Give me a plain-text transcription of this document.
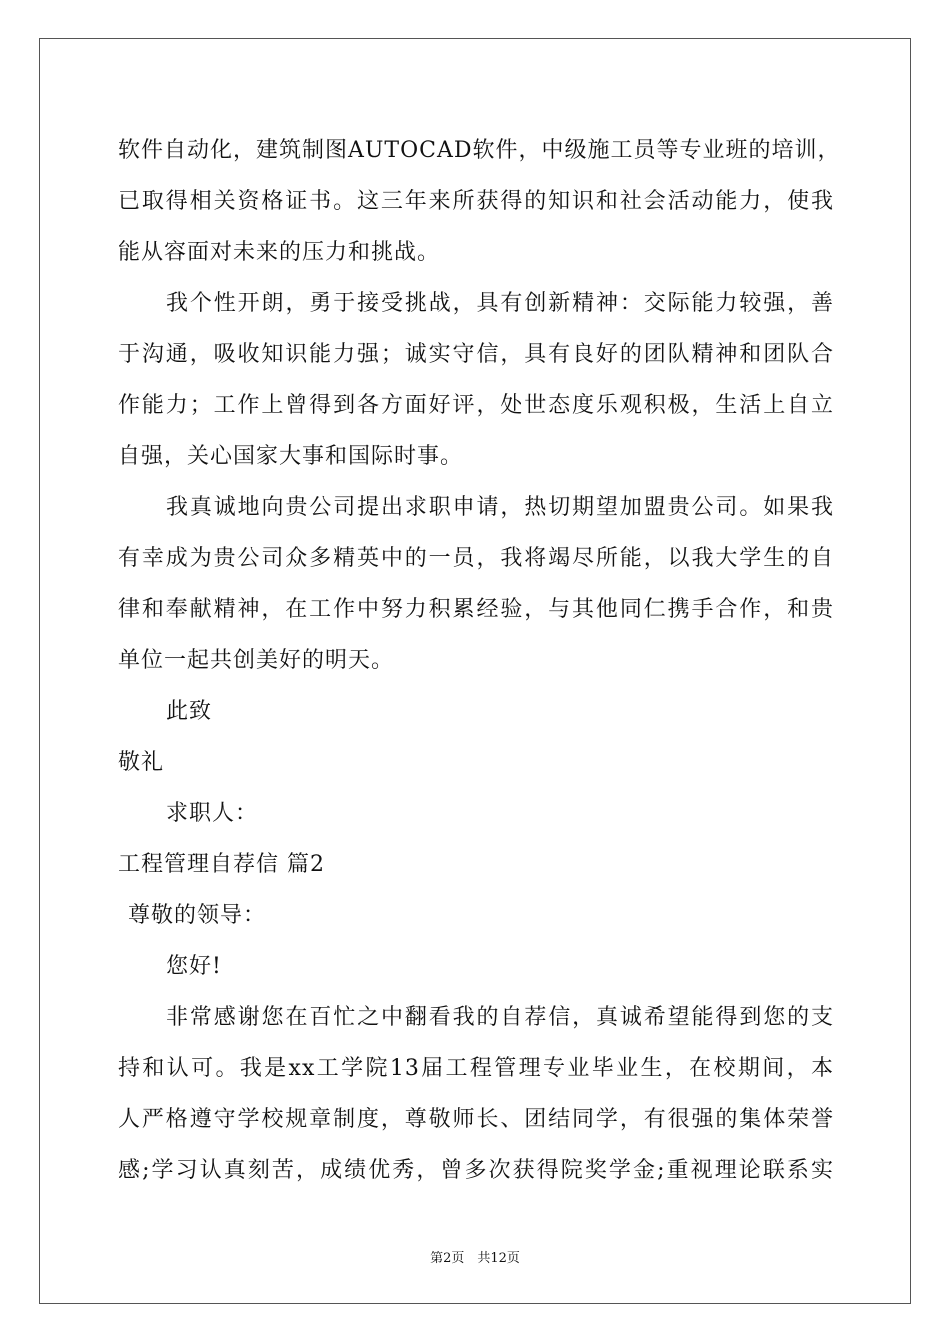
软件自动化，建筑制图AUTOCAD软件，中级施工员等专业班的培训，
已取得相关资格证书。这三年来所获得的知识和社会活动能力，使我
能从容面对未来的压力和挑战。
我个性开朗，勇于接受挑战，具有创新精神：交际能力较强，善
于沟通，吸收知识能力强；诚实守信，具有良好的团队精神和团队合
作能力；工作上曾得到各方面好评，处世态度乐观积极，生活上自立
自强，关心国家大事和国际时事。
我真诚地向贵公司提出求职申请，热切期望加盟贵公司。如果我
有幸成为贵公司众多精英中的一员，我将竭尽所能，以我大学生的自
律和奉献精神，在工作中努力积累经验，与其他同仁携手合作，和贵
单位一起共创美好的明天。
此致
敬礼
求职人：
工程管理自荐信 篇2
尊敬的领导：
您好!
非常感谢您在百忙之中翻看我的自荐信，真诚希望能得到您的支
持和认可。我是xx工学院13届工程管理专业毕业生，在校期间，本
人严格遵守学校规章制度，尊敬师长、团结同学，有很强的集体荣誉
感;学习认真刻苦，成绩优秀，曾多次获得院奖学金;重视理论联系实
第2页　共12页
